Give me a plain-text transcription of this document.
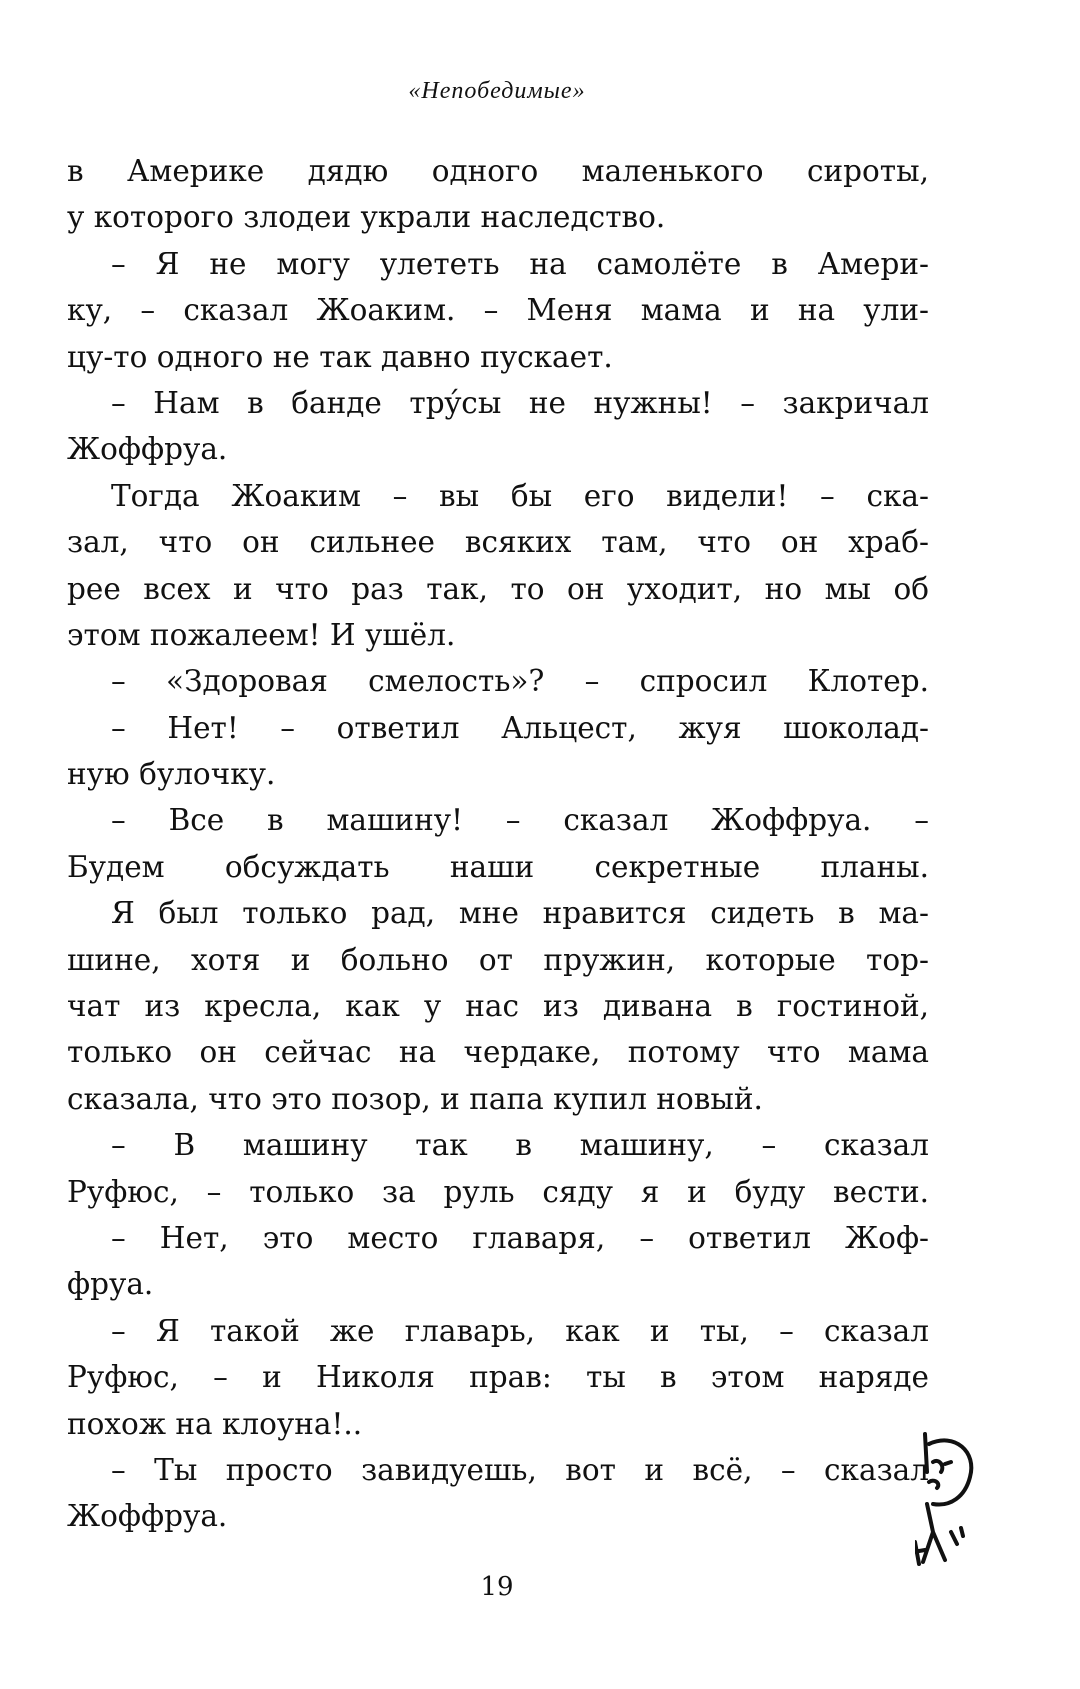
«Непобедимые»
в Америке дядю одного маленького сироты,
у которого злодеи украли наследство.
– Я не могу улететь на самолёте в Амери-
ку, – сказал Жоаким. – Меня мама и на ули-
цу-то одного не так давно пускает.
– Нам в банде трýсы не нужны! – закричал
Жоффруа.
Тогда Жоаким – вы бы его видели! – ска-
зал, что он сильнее всяких там, что он храб-
рее всех и что раз так, то он уходит, но мы об
этом пожалеем! И ушёл.
– «Здоровая смелость»? – спросил Клотер.
– Нет! – ответил Альцест, жуя шоколад-
ную булочку.
– Все в машину! – сказал Жоффруа. –
Будем обсуждать наши секретные планы.
Я был только рад, мне нравится сидеть в ма-
шине, хотя и больно от пружин, которые тор-
чат из кресла, как у нас из дивана в гостиной,
только он сейчас на чердаке, потому что мама
сказала, что это позор, и папа купил новый.
– В машину так в машину, – сказал
Руфюс, – только за руль сяду я и буду вести.
– Нет, это место главаря, – ответил Жоф-
фруа.
– Я такой же главарь, как и ты, – сказал
Руфюс, – и Николя прав: ты в этом наряде
похож на клоуна!..
– Ты просто завидуешь, вот и всё, – сказал
Жоффруа.
19
